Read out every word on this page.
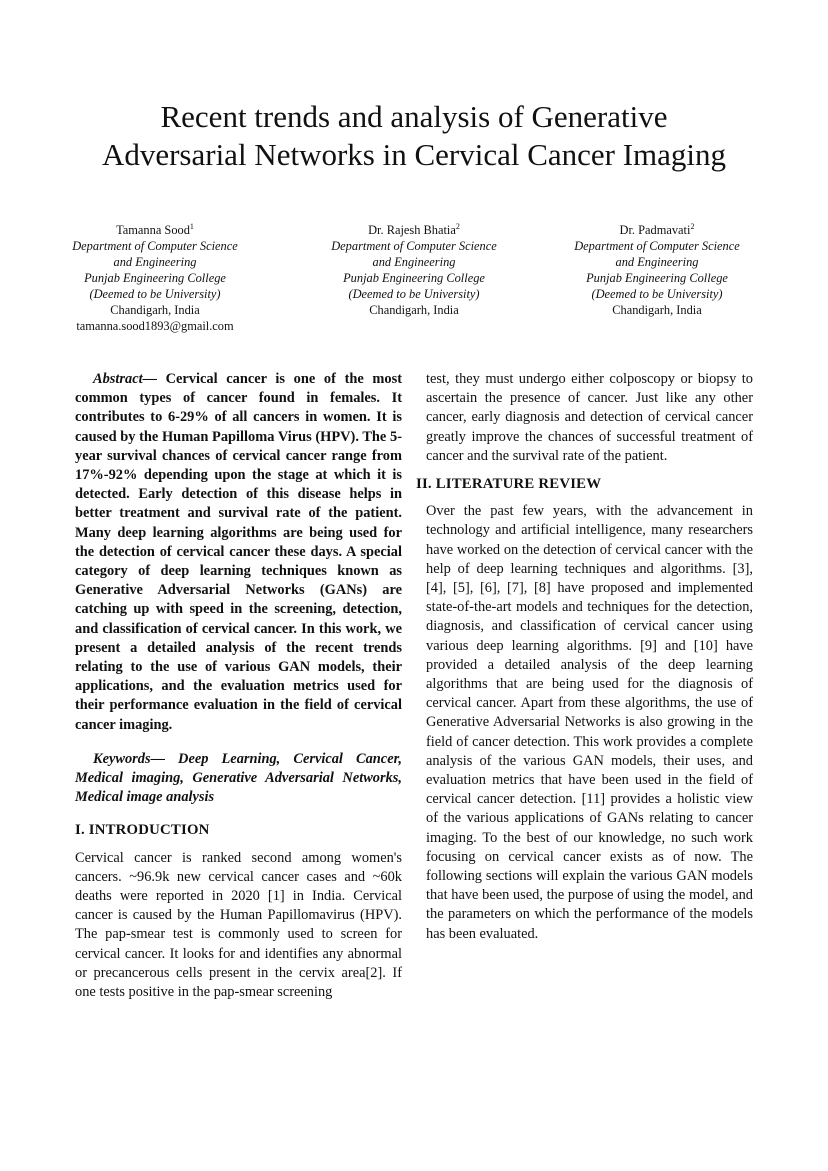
Recent trends and analysis of Generative
Adversarial Networks in Cervical Cancer Imaging
Tamanna Sood$^1$
Department of Computer Science
and Engineering
Punjab Engineering College
(Deemed to be University)
Chandigarh, India
tamanna.sood1893@gmail.com
Dr. Rajesh Bhatia$^2$
Department of Computer Science
and Engineering
Punjab Engineering College
(Deemed to be University)
Chandigarh, India
Dr. Padmavati$^2$
Department of Computer Science
and Engineering
Punjab Engineering College
(Deemed to be University)
Chandigarh, India

Abstract— Cervical cancer is one of the most common types of cancer found in females. It contributes to 6-29% of all cancers in women. It is caused by the Human Papilloma Virus (HPV). The 5-year survival chances of cervical cancer range from 17%-92% depending upon the stage at which it is detected. Early detection of this disease helps in better treatment and survival rate of the patient. Many deep learning algorithms are being used for the detection of cervical cancer these days. A special category of deep learning techniques known as Generative Adversarial Networks (GANs) are catching up with speed in the screening, detection, and classification of cervical cancer. In this work, we present a detailed analysis of the recent trends relating to the use of various GAN models, their applications, and the evaluation metrics used for their performance evaluation in the field of cervical cancer imaging.

Keywords— Deep Learning, Cervical Cancer, Medical imaging, Generative Adversarial Networks, Medical image analysis

I. INTRODUCTION

Cervical cancer is ranked second among women's cancers. ~96.9k new cervical cancer cases and ~60k deaths were reported in 2020 [1] in India. Cervical cancer is caused by the Human Papillomavirus (HPV). The pap-smear test is commonly used to screen for cervical cancer. It looks for and identifies any abnormal or precancerous cells present in the cervix area[2]. If one tests positive in the pap-smear screening

test, they must undergo either colposcopy or biopsy to ascertain the presence of cancer. Just like any other cancer, early diagnosis and detection of cervical cancer greatly improve the chances of successful treatment of cancer and the survival rate of the patient.

II. LITERATURE REVIEW

Over the past few years, with the advancement in technology and artificial intelligence, many researchers have worked on the detection of cervical cancer with the help of deep learning techniques and algorithms. [3], [4], [5], [6], [7], [8] have proposed and implemented state-of-the-art models and techniques for the detection, diagnosis, and classification of cervical cancer using various deep learning algorithms. [9] and [10] have provided a detailed analysis of the deep learning algorithms that are being used for the diagnosis of cervical cancer. Apart from these algorithms, the use of Generative Adversarial Networks is also growing in the field of cancer detection. This work provides a complete analysis of the various GAN models, their uses, and evaluation metrics that have been used in the field of cervical cancer detection. [11] provides a holistic view of the various applications of GANs relating to cancer imaging. To the best of our knowledge, no such work focusing on cervical cancer exists as of now. The following sections will explain the various GAN models that have been used, the purpose of using the model, and the parameters on which the performance of the models has been evaluated.
